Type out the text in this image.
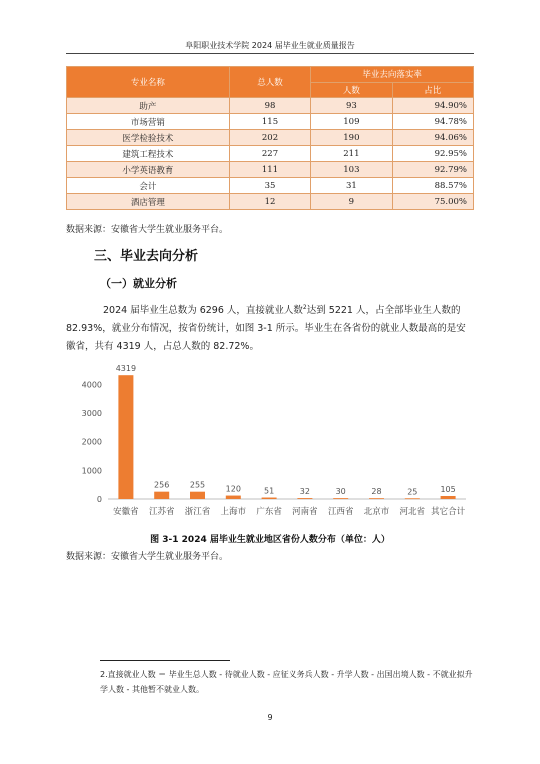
阜阳职业技术学院 2024 届毕业生就业质量报告
专业名称	总人数	毕业去向落实率	
		人数	占比
助产	98	93	94.90%
市场营销	115	109	94.78%
医学检验技术	202	190	94.06%
建筑工程技术	227	211	92.95%
小学英语教育	111	103	92.79%
会计	35	31	88.57%
酒店管理	12	9	75.00%
数据来源：安徽省大学生就业服务平台。
三、毕业去向分析
（一）就业分析
2024 届毕业生总数为 6296 人，直接就业人数$^2$达到 5221 人，占全部毕业生人数的 82.93%，就业分布情况，按省份统计，如图 3-1 所示。毕业生在各省份的就业人数最高的是安徽省，共有 4319 人，占总人数的 82.72%。
0
1000
2000
3000
4000
4319
安徽省
256
江苏省
255
浙江省
120
上海市
51
广东省
32
河南省
30
江西省
28
北京市
25
河北省
105
其它合计
图 3-1 2024 届毕业生就业地区省份人数分布（单位：人）
数据来源：安徽省大学生就业服务平台。
2.直接就业人数 ＝ 毕业生总人数 - 待就业人数 - 应征义务兵人数 - 升学人数 - 出国出境人数 - 不就业拟升学人数 - 其他暂不就业人数。
9
